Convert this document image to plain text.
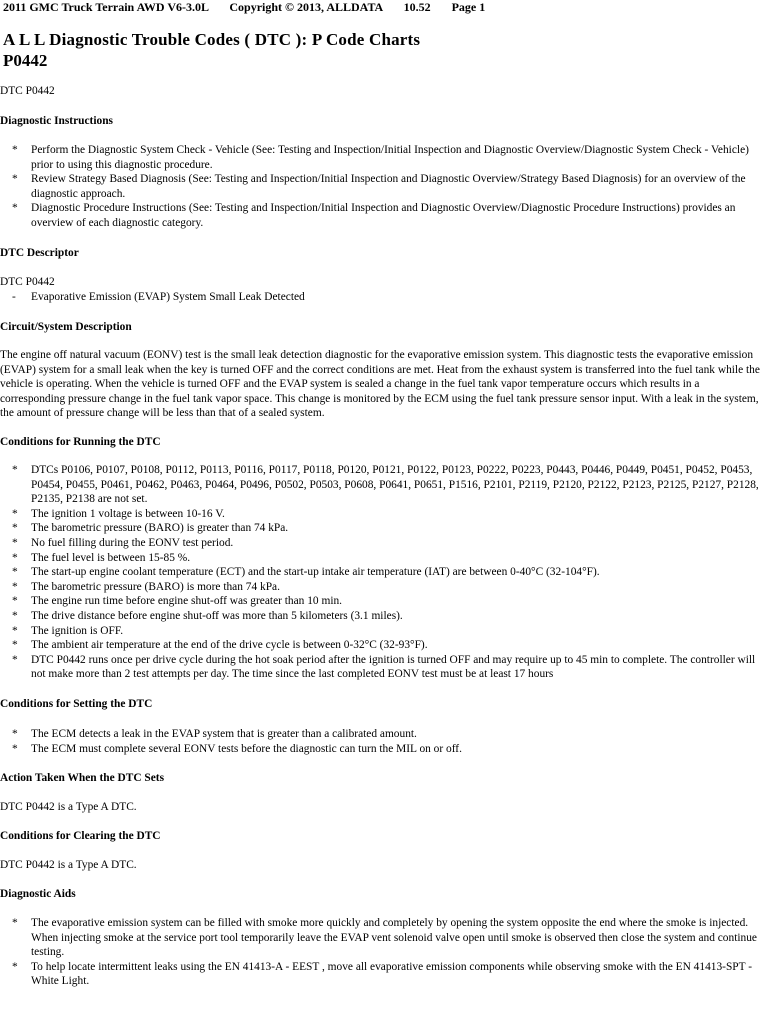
2011 GMC Truck Terrain AWD V6-3.0L Copyright © 2013, ALLDATA 10.52 Page 1
A L L Diagnostic Trouble Codes ( DTC ): P Code Charts
P0442
DTC P0442
Diagnostic Instructions
* Perform the Diagnostic System Check - Vehicle (See: Testing and Inspection/Initial Inspection and Diagnostic Overview/Diagnostic System Check - Vehicle) prior to using this diagnostic procedure.
* Review Strategy Based Diagnosis (See: Testing and Inspection/Initial Inspection and Diagnostic Overview/Strategy Based Diagnosis) for an overview of the diagnostic approach.
* Diagnostic Procedure Instructions (See: Testing and Inspection/Initial Inspection and Diagnostic Overview/Diagnostic Procedure Instructions) provides an overview of each diagnostic category.
DTC Descriptor
DTC P0442
- Evaporative Emission (EVAP) System Small Leak Detected
Circuit/System Description
The engine off natural vacuum (EONV) test is the small leak detection diagnostic for the evaporative emission system. This diagnostic tests the evaporative emission (EVAP) system for a small leak when the key is turned OFF and the correct conditions are met. Heat from the exhaust system is transferred into the fuel tank while the vehicle is operating. When the vehicle is turned OFF and the EVAP system is sealed a change in the fuel tank vapor temperature occurs which results in a corresponding pressure change in the fuel tank vapor space. This change is monitored by the ECM using the fuel tank pressure sensor input. With a leak in the system, the amount of pressure change will be less than that of a sealed system.
Conditions for Running the DTC
* DTCs P0106, P0107, P0108, P0112, P0113, P0116, P0117, P0118, P0120, P0121, P0122, P0123, P0222, P0223, P0443, P0446, P0449, P0451, P0452, P0453, P0454, P0455, P0461, P0462, P0463, P0464, P0496, P0502, P0503, P0608, P0641, P0651, P1516, P2101, P2119, P2120, P2122, P2123, P2125, P2127, P2128, P2135, P2138 are not set.
* The ignition 1 voltage is between 10-16 V.
* The barometric pressure (BARO) is greater than 74 kPa.
* No fuel filling during the EONV test period.
* The fuel level is between 15-85 %.
* The start-up engine coolant temperature (ECT) and the start-up intake air temperature (IAT) are between 0-40°C (32-104°F).
* The barometric pressure (BARO) is more than 74 kPa.
* The engine run time before engine shut-off was greater than 10 min.
* The drive distance before engine shut-off was more than 5 kilometers (3.1 miles).
* The ignition is OFF.
* The ambient air temperature at the end of the drive cycle is between 0-32°C (32-93°F).
* DTC P0442 runs once per drive cycle during the hot soak period after the ignition is turned OFF and may require up to 45 min to complete. The controller will not make more than 2 test attempts per day. The time since the last completed EONV test must be at least 17 hours
Conditions for Setting the DTC
* The ECM detects a leak in the EVAP system that is greater than a calibrated amount.
* The ECM must complete several EONV tests before the diagnostic can turn the MIL on or off.
Action Taken When the DTC Sets
DTC P0442 is a Type A DTC.
Conditions for Clearing the DTC
DTC P0442 is a Type A DTC.
Diagnostic Aids
* The evaporative emission system can be filled with smoke more quickly and completely by opening the system opposite the end where the smoke is injected. When injecting smoke at the service port tool temporarily leave the EVAP vent solenoid valve open until smoke is observed then close the system and continue testing.
* To help locate intermittent leaks using the EN 41413-A - EEST , move all evaporative emission components while observing smoke with the EN 41413-SPT - White Light.
